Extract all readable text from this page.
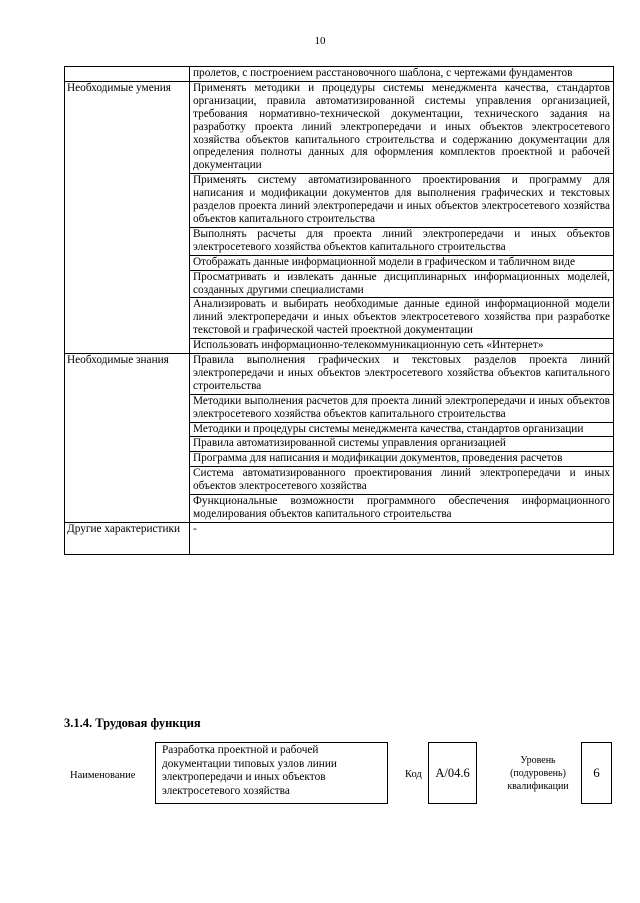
10
	пролетов, с построением расстановочного шаблона, с чертежами фундаментов
Необходимые умения	Применять методики и процедуры системы менеджмента качества, стандартов организации, правила автоматизированной системы управления организацией, требования нормативно-технической документации, технического задания на разработку проекта линий электропередачи и иных объектов электросетевого хозяйства объектов капитального строительства и содержанию документации для определения полноты данных для оформления комплектов проектной и рабочей документации
	Применять систему автоматизированного проектирования и программу для написания и модификации документов для выполнения графических и текстовых разделов проекта линий электропередачи и иных объектов электросетевого хозяйства объектов капитального строительства
	Выполнять расчеты для проекта линий электропередачи и иных объектов электросетевого хозяйства объектов капитального строительства
	Отображать данные информационной модели в графическом и табличном виде
	Просматривать и извлекать данные дисциплинарных информационных моделей, созданных другими специалистами
	Анализировать и выбирать необходимые данные единой информационной модели линий электропередачи и иных объектов электросетевого хозяйства при разработке текстовой и графической частей проектной документации
	Использовать информационно-телекоммуникационную сеть «Интернет»
Необходимые знания	Правила выполнения графических и текстовых разделов проекта линий электропередачи и иных объектов электросетевого хозяйства объектов капитального строительства
	Методики выполнения расчетов для проекта линий электропередачи и иных объектов электросетевого хозяйства объектов капитального строительства
	Методики и процедуры системы менеджмента качества, стандартов организации
	Правила автоматизированной системы управления организацией
	Программа для написания и модификации документов, проведения расчетов
	Система автоматизированного проектирования линий электропередачи и иных объектов электросетевого хозяйства
	Функциональные возможности программного обеспечения информационного моделирования объектов капитального строительства
Другие характеристики	-
3.1.4. Трудовая функция
Наименование
Разработка проектной и рабочей документации типовых узлов линии электропередачи и иных объектов электросетевого хозяйства
Код	A/04.6
Уровень (подуровень) квалификации
6
